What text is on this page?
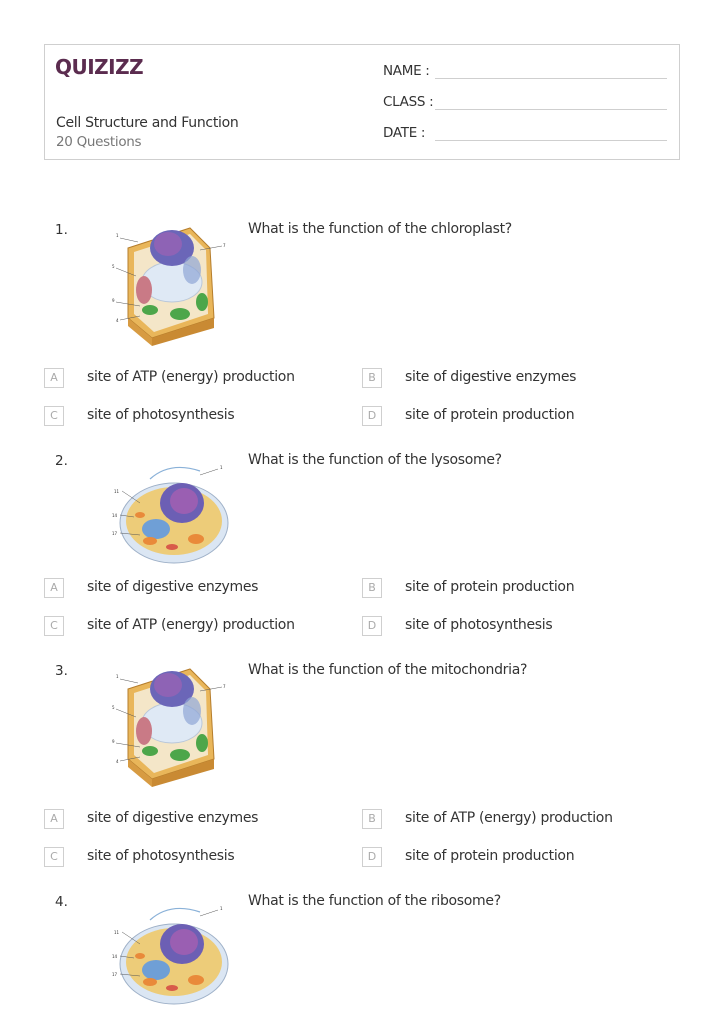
QUIZIZZ
Cell Structure and Function
20 Questions
NAME :
CLASS :
DATE :
1.	What is the function of the chloroplast?
A	site of ATP (energy) production	B	site of digestive enzymes
C	site of photosynthesis	D	site of protein production
2.	What is the function of the lysosome?
A	site of digestive enzymes	B	site of protein production
C	site of ATP (energy) production	D	site of photosynthesis
3.	What is the function of the mitochondria?
A	site of digestive enzymes	B	site of ATP (energy) production
C	site of photosynthesis	D	site of protein production
4.	What is the function of the ribosome?
